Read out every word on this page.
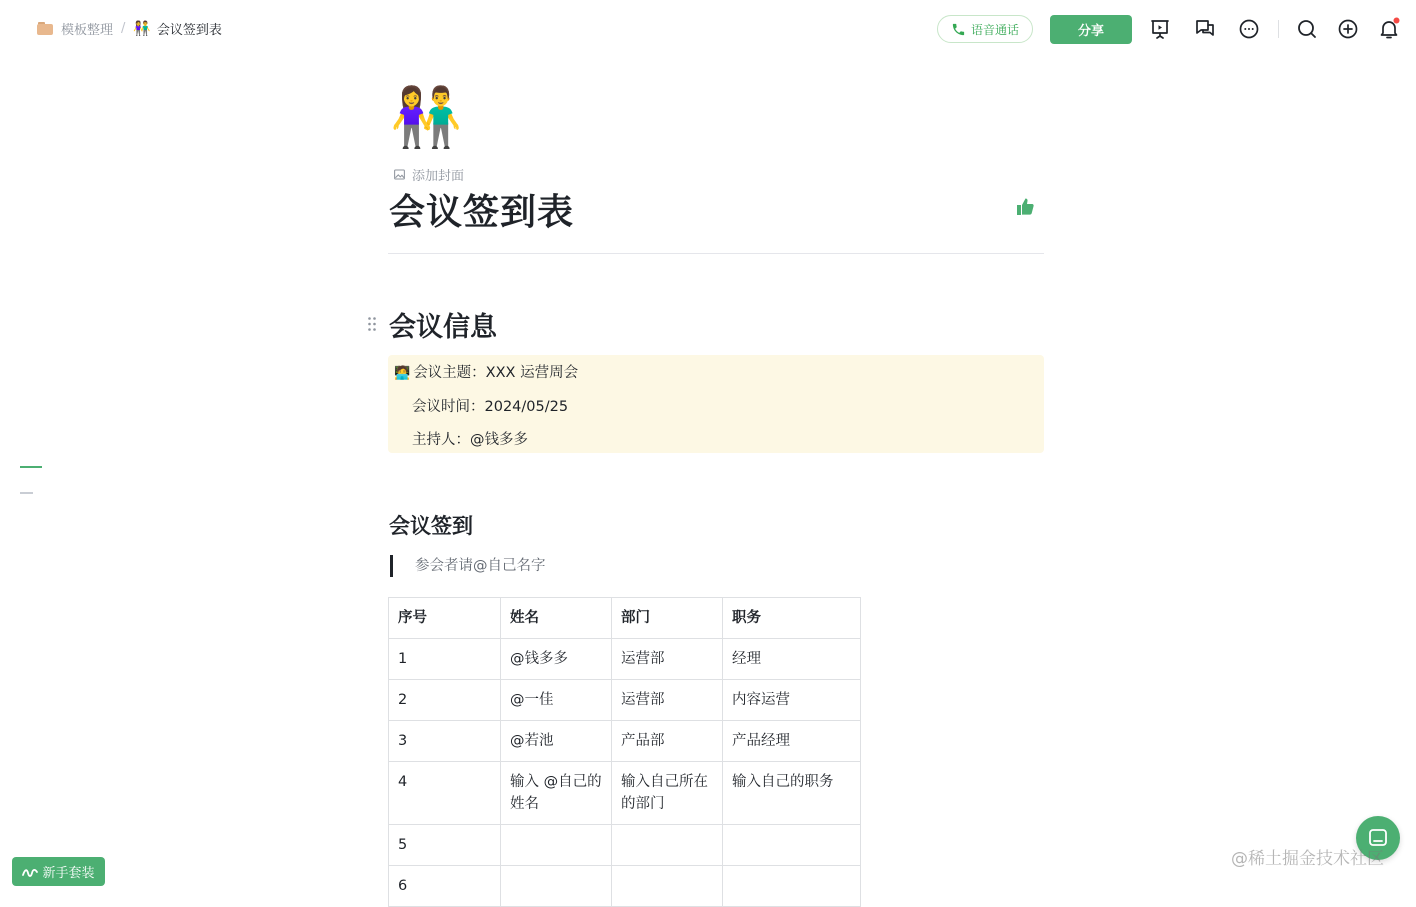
模板整理 / 👫 会议签到表	语音通话	分享
👫
添加封面
会议签到表
会议信息
🧑‍💻 会议主题：XXX 运营周会
会议时间：2024/05/25
主持人：@钱多多
会议签到
参会者请@自己名字
序号	姓名	部门	职务
1	@钱多多	运营部	经理
2	@一佳	运营部	内容运营
3	@若池	产品部	产品经理
4	输入 @自己的姓名	输入自己所在的部门	输入自己的职务
5			
6			
新手套装
@稀土掘金技术社区
